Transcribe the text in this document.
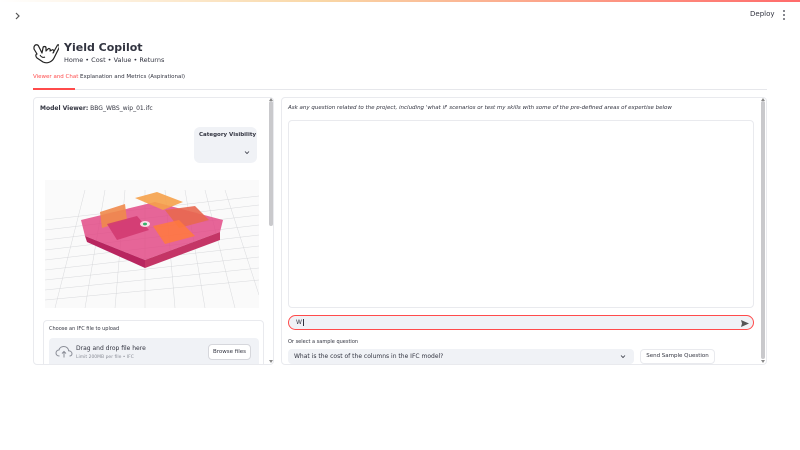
Deploy
Yield Copilot
Home • Cost • Value • Returns
Viewer and Chat Explanation and Metrics (Aspirational)
Model Viewer: BBG_WBS_wip_01.ifc
Category Visibility
Choose an IFC file to upload
Drag and drop file here
Limit 200MB per file • IFC
Browse files
Ask any question related to the project, including 'what if' scenarios or test my skills with some of the pre-defined areas of expertise below
W
Or select a sample question
What is the cost of the columns in the IFC model?	Send Sample Question
